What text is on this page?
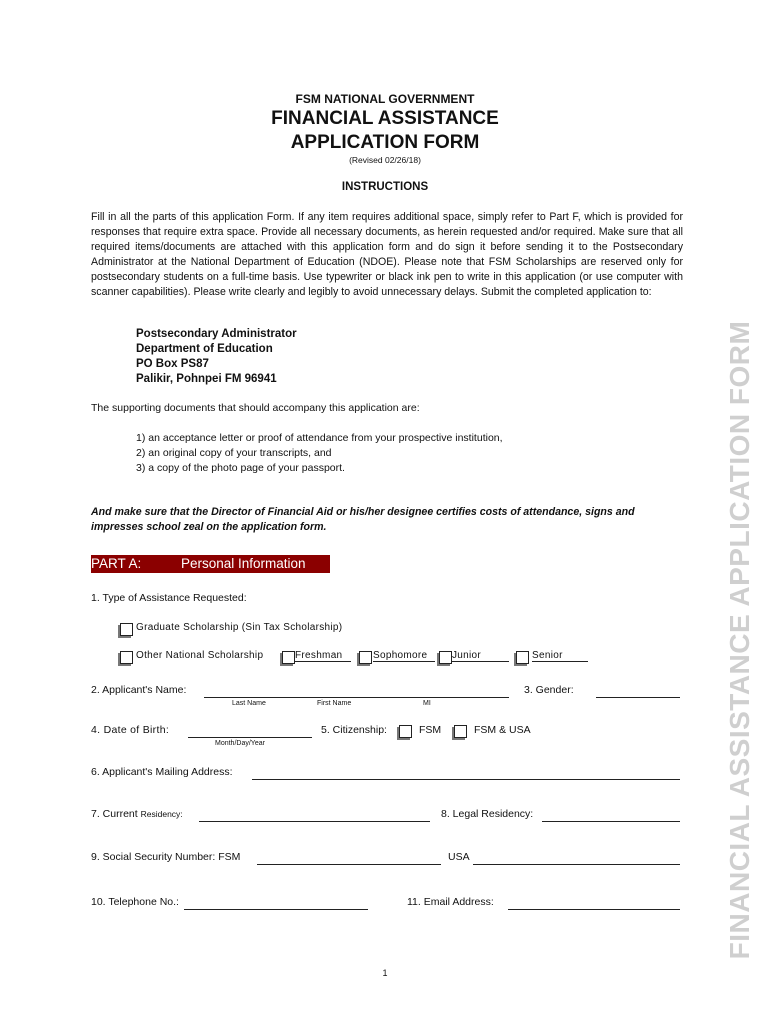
FSM NATIONAL GOVERNMENT
FINANCIAL ASSISTANCE
APPLICATION FORM
(Revised 02/26/18)
INSTRUCTIONS
Fill in all the parts of this application Form. If any item requires additional space, simply refer to Part F, which is provided for responses that require extra space. Provide all necessary documents, as herein requested and/or required. Make sure that all required items/documents are attached with this application form and do sign it before sending it to the Postsecondary Administrator at the National Department of Education (NDOE). Please note that FSM Scholarships are reserved only for postsecondary students on a full-time basis. Use typewriter or black ink pen to write in this application (or use computer with scanner capabilities). Please write clearly and legibly to avoid unnecessary delays. Submit the completed application to:
Postsecondary Administrator
Department of Education
PO Box PS87
Palikir, Pohnpei FM 96941
The supporting documents that should accompany this application are:
1) an acceptance letter or proof of attendance from your prospective institution,
2) an original copy of your transcripts, and
3) a copy of the photo page of your passport.
And make sure that the Director of Financial Aid or his/her designee certifies costs of attendance, signs and impresses school zeal on the application form.
PART A:	Personal Information
1. Type of Assistance Requested:
Graduate Scholarship (Sin Tax Scholarship)
Other National Scholarship	Freshman	Sophomore	Junior	Senior
2. Applicant's Name:
Last Name	First Name	MI
3. Gender:
4. Date of Birth:
Month/Day/Year
5. Citizenship:	FSM	FSM & USA
6. Applicant's Mailing Address:
7. Current Residency:	8. Legal Residency:
9. Social Security Number: FSM	USA
10. Telephone No.:	11. Email Address:
1
FINANCIAL ASSISTANCE APPLICATION FORM
